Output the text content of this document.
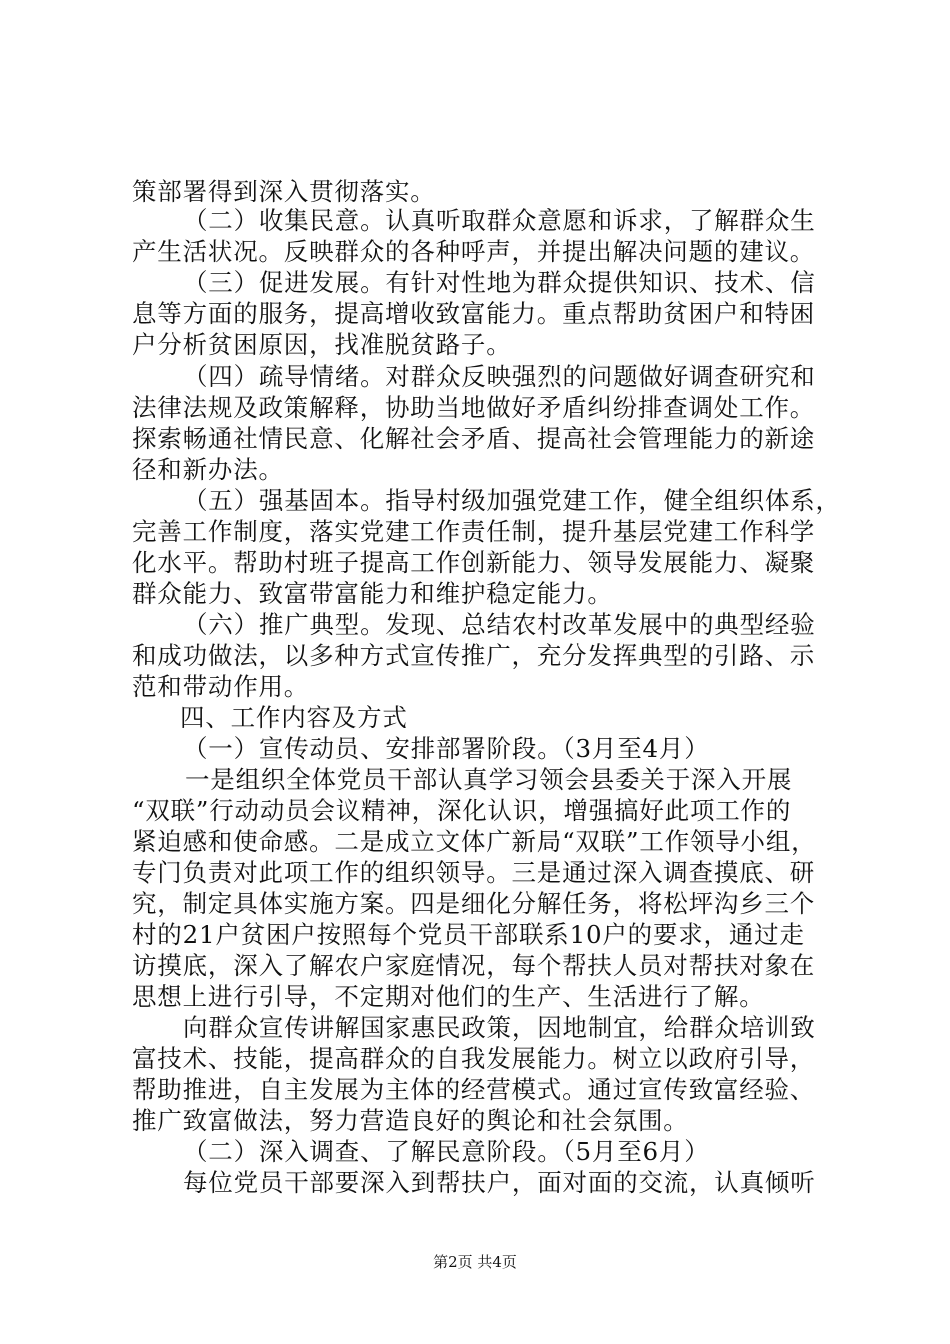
策部署得到深入贯彻落实。
（二）收集民意。认真听取群众意愿和诉求，了解群众生
产生活状况。反映群众的各种呼声，并提出解决问题的建议。
（三）促进发展。有针对性地为群众提供知识、技术、信
息等方面的服务，提高增收致富能力。重点帮助贫困户和特困
户分析贫困原因，找准脱贫路子。
（四）疏导情绪。对群众反映强烈的问题做好调查研究和
法律法规及政策解释，协助当地做好矛盾纠纷排查调处工作。
探索畅通社情民意、化解社会矛盾、提高社会管理能力的新途
径和新办法。
（五）强基固本。指导村级加强党建工作，健全组织体系，
完善工作制度，落实党建工作责任制，提升基层党建工作科学
化水平。帮助村班子提高工作创新能力、领导发展能力、凝聚
群众能力、致富带富能力和维护稳定能力。
（六）推广典型。发现、总结农村改革发展中的典型经验
和成功做法，以多种方式宣传推广，充分发挥典型的引路、示
范和带动作用。
四、工作内容及方式
（一）宣传动员、安排部署阶段。（3月至4月）
一是组织全体党员干部认真学习领会县委关于深入开展
“双联”行动动员会议精神，深化认识，增强搞好此项工作的
紧迫感和使命感。二是成立文体广新局“双联”工作领导小组，
专门负责对此项工作的组织领导。三是通过深入调查摸底、研
究，制定具体实施方案。四是细化分解任务，将松坪沟乡三个
村的21户贫困户按照每个党员干部联系10户的要求，通过走
访摸底，深入了解农户家庭情况，每个帮扶人员对帮扶对象在
思想上进行引导，不定期对他们的生产、生活进行了解。
向群众宣传讲解国家惠民政策，因地制宜，给群众培训致
富技术、技能，提高群众的自我发展能力。树立以政府引导，
帮助推进，自主发展为主体的经营模式。通过宣传致富经验、
推广致富做法，努力营造良好的舆论和社会氛围。
（二）深入调查、了解民意阶段。（5月至6月）
每位党员干部要深入到帮扶户，面对面的交流，认真倾听
第2页 共4页
